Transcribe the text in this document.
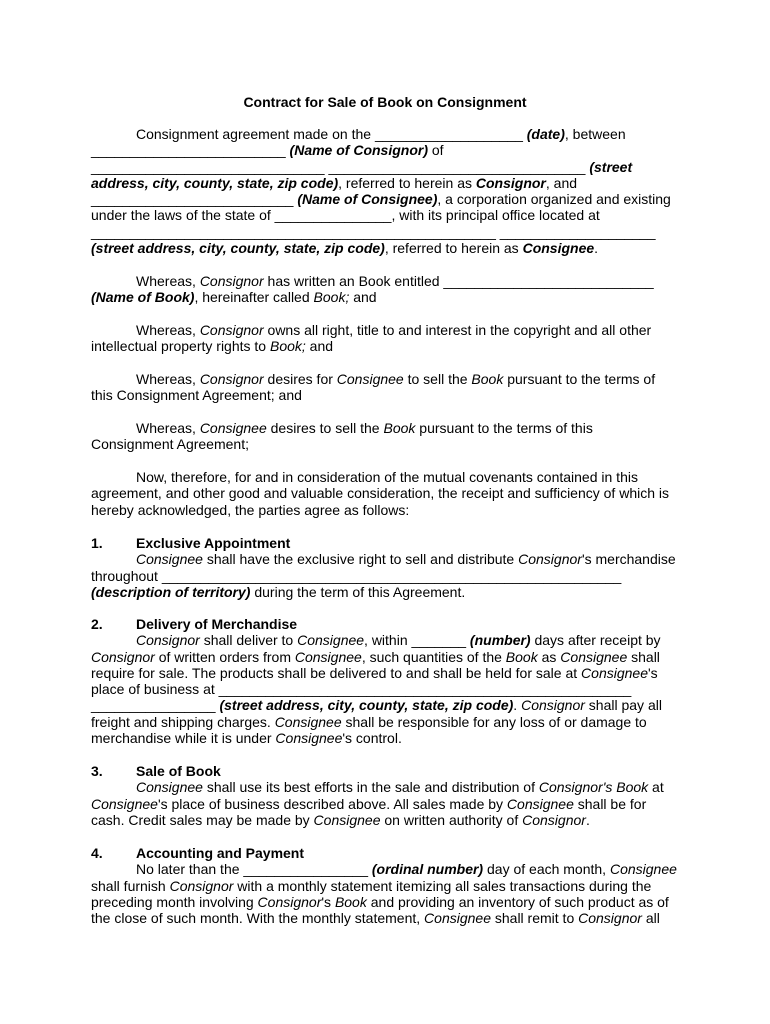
Contract for Sale of Book on Consignment
Consignment agreement made on the ___________________ (date), between _________________________ (Name of Consignor) of ______________________________ _________________________________ (street address, city, county, state, zip code), referred to herein as Consignor, and __________________________ (Name of Consignee), a corporation organized and existing under the laws of the state of _______________, with its principal office located at ____________________________________________________ ____________________ (street address, city, county, state, zip code), referred to herein as Consignee.
Whereas, Consignor has written an Book entitled ___________________________ (Name of Book), hereinafter called Book; and
Whereas, Consignor owns all right, title to and interest in the copyright and all other intellectual property rights to Book; and
Whereas, Consignor desires for Consignee to sell the Book pursuant to the terms of this Consignment Agreement; and
Whereas, Consignee desires to sell the Book pursuant to the terms of this Consignment Agreement;
Now, therefore, for and in consideration of the mutual covenants contained in this agreement, and other good and valuable consideration, the receipt and sufficiency of which is hereby acknowledged, the parties agree as follows:
1. Exclusive Appointment
Consignee shall have the exclusive right to sell and distribute Consignor's merchandise throughout ___________________________________________________________ (description of territory) during the term of this Agreement.
2. Delivery of Merchandise
Consignor shall deliver to Consignee, within _______ (number) days after receipt by Consignor of written orders from Consignee, such quantities of the Book as Consignee shall require for sale. The products shall be delivered to and shall be held for sale at Consignee's place of business at _____________________________________________________ ________________ (street address, city, county, state, zip code). Consignor shall pay all freight and shipping charges. Consignee shall be responsible for any loss of or damage to merchandise while it is under Consignee's control.
3. Sale of Book
Consignee shall use its best efforts in the sale and distribution of Consignor's Book at Consignee's place of business described above. All sales made by Consignee shall be for cash. Credit sales may be made by Consignee on written authority of Consignor.
4. Accounting and Payment
No later than the ________________ (ordinal number) day of each month, Consignee shall furnish Consignor with a monthly statement itemizing all sales transactions during the preceding month involving Consignor's Book and providing an inventory of such product as of the close of such month. With the monthly statement, Consignee shall remit to Consignor all
